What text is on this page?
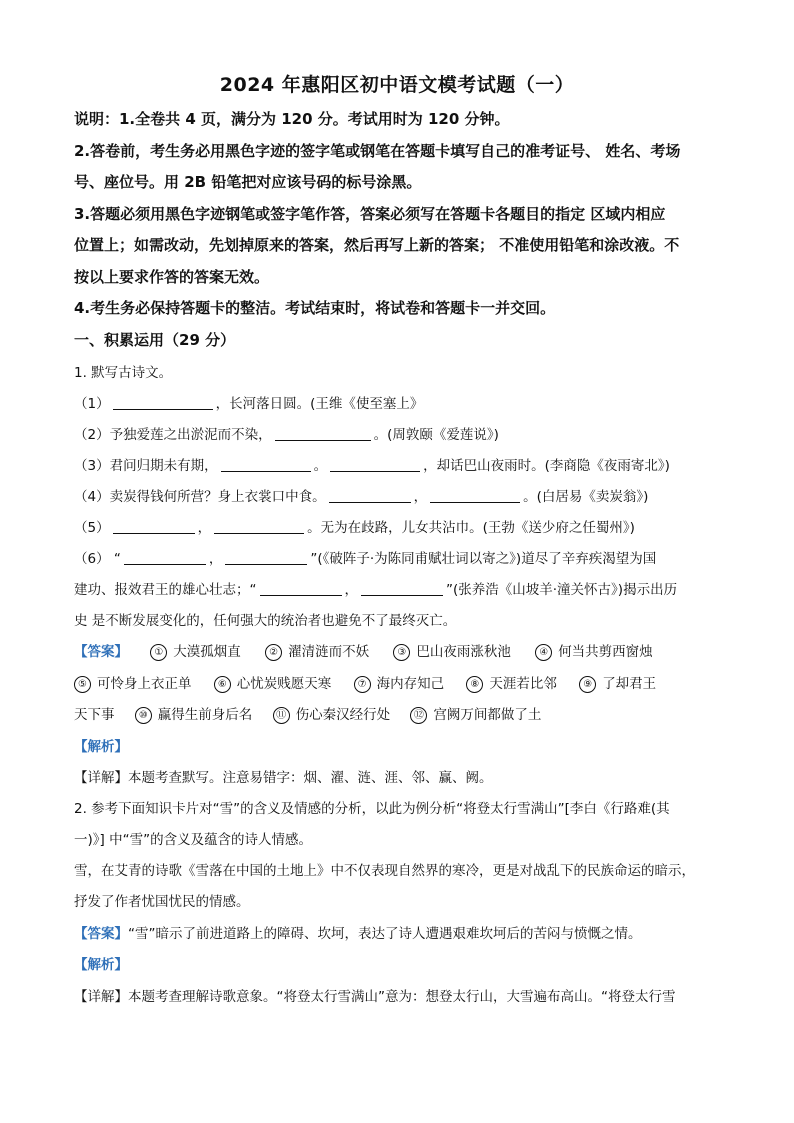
2024 年惠阳区初中语文模考试题（一）
说明：1.全卷共 4 页，满分为 120 分。考试用时为 120 分钟。
2.答卷前，考生务必用黑色字迹的签字笔或钢笔在答题卡填写自己的准考证号、 姓名、考场
号、座位号。用 2B 铅笔把对应该号码的标号涂黑。
3.答题必须用黑色字迹钢笔或签字笔作答，答案必须写在答题卡各题目的指定 区域内相应
位置上；如需改动，先划掉原来的答案，然后再写上新的答案； 不准使用铅笔和涂改液。不
按以上要求作答的答案无效。
4.考生务必保持答题卡的整洁。考试结束时，将试卷和答题卡一并交回。
一、积累运用（29 分）
1. 默写古诗文。
（1）	，长河落日圆。(王维《使至塞上》
（2）予独爱莲之出淤泥而不染，	。(周敦颐《爱莲说》)
（3）君问归期未有期，	。	，却话巴山夜雨时。(李商隐《夜雨寄北》)
（4）卖炭得钱何所营？身上衣裳口中食。	，	。(白居易《卖炭翁》)
（5）	，	。无为在歧路，儿女共沾巾。(王勃《送少府之任蜀州》)
（6） “	，	”(《破阵子·为陈同甫赋壮词以寄之》)道尽了辛弃疾渴望为国
建功、报效君王的雄心壮志；“	，	”(张养浩《山坡羊·潼关怀古》)揭示出历
史 是不断发展变化的，任何强大的统治者也避免不了最终灭亡。
【答案】	① 大漠孤烟直	② 濯清涟而不妖	③ 巴山夜雨涨秋池	④ 何当共剪西窗烛
⑤ 可怜身上衣正单	⑥ 心忧炭贱愿天寒	⑦ 海内存知己	⑧ 天涯若比邻	⑨ 了却君王
天下事 ⑩ 赢得生前身后名 ⑪ 伤心秦汉经行处 ⑫ 宫阙万间都做了土
【解析】
【详解】本题考查默写。注意易错字：烟、濯、涟、涯、邻、赢、阙。
2. 参考下面知识卡片对“雪”的含义及情感的分析，以此为例分析“将登太行雪满山”[李白《行路难(其
一)》] 中“雪”的含义及蕴含的诗人情感。
雪，在艾青的诗歌《雪落在中国的土地上》中不仅表现自然界的寒冷，更是对战乱下的民族命运的暗示，
抒发了作者忧国忧民的情感。
【答案】“雪”暗示了前进道路上的障碍、坎坷，表达了诗人遭遇艰难坎坷后的苦闷与愤慨之情。
【解析】
【详解】本题考查理解诗歌意象。“将登太行雪满山”意为：想登太行山，大雪遍布高山。“将登太行雪
